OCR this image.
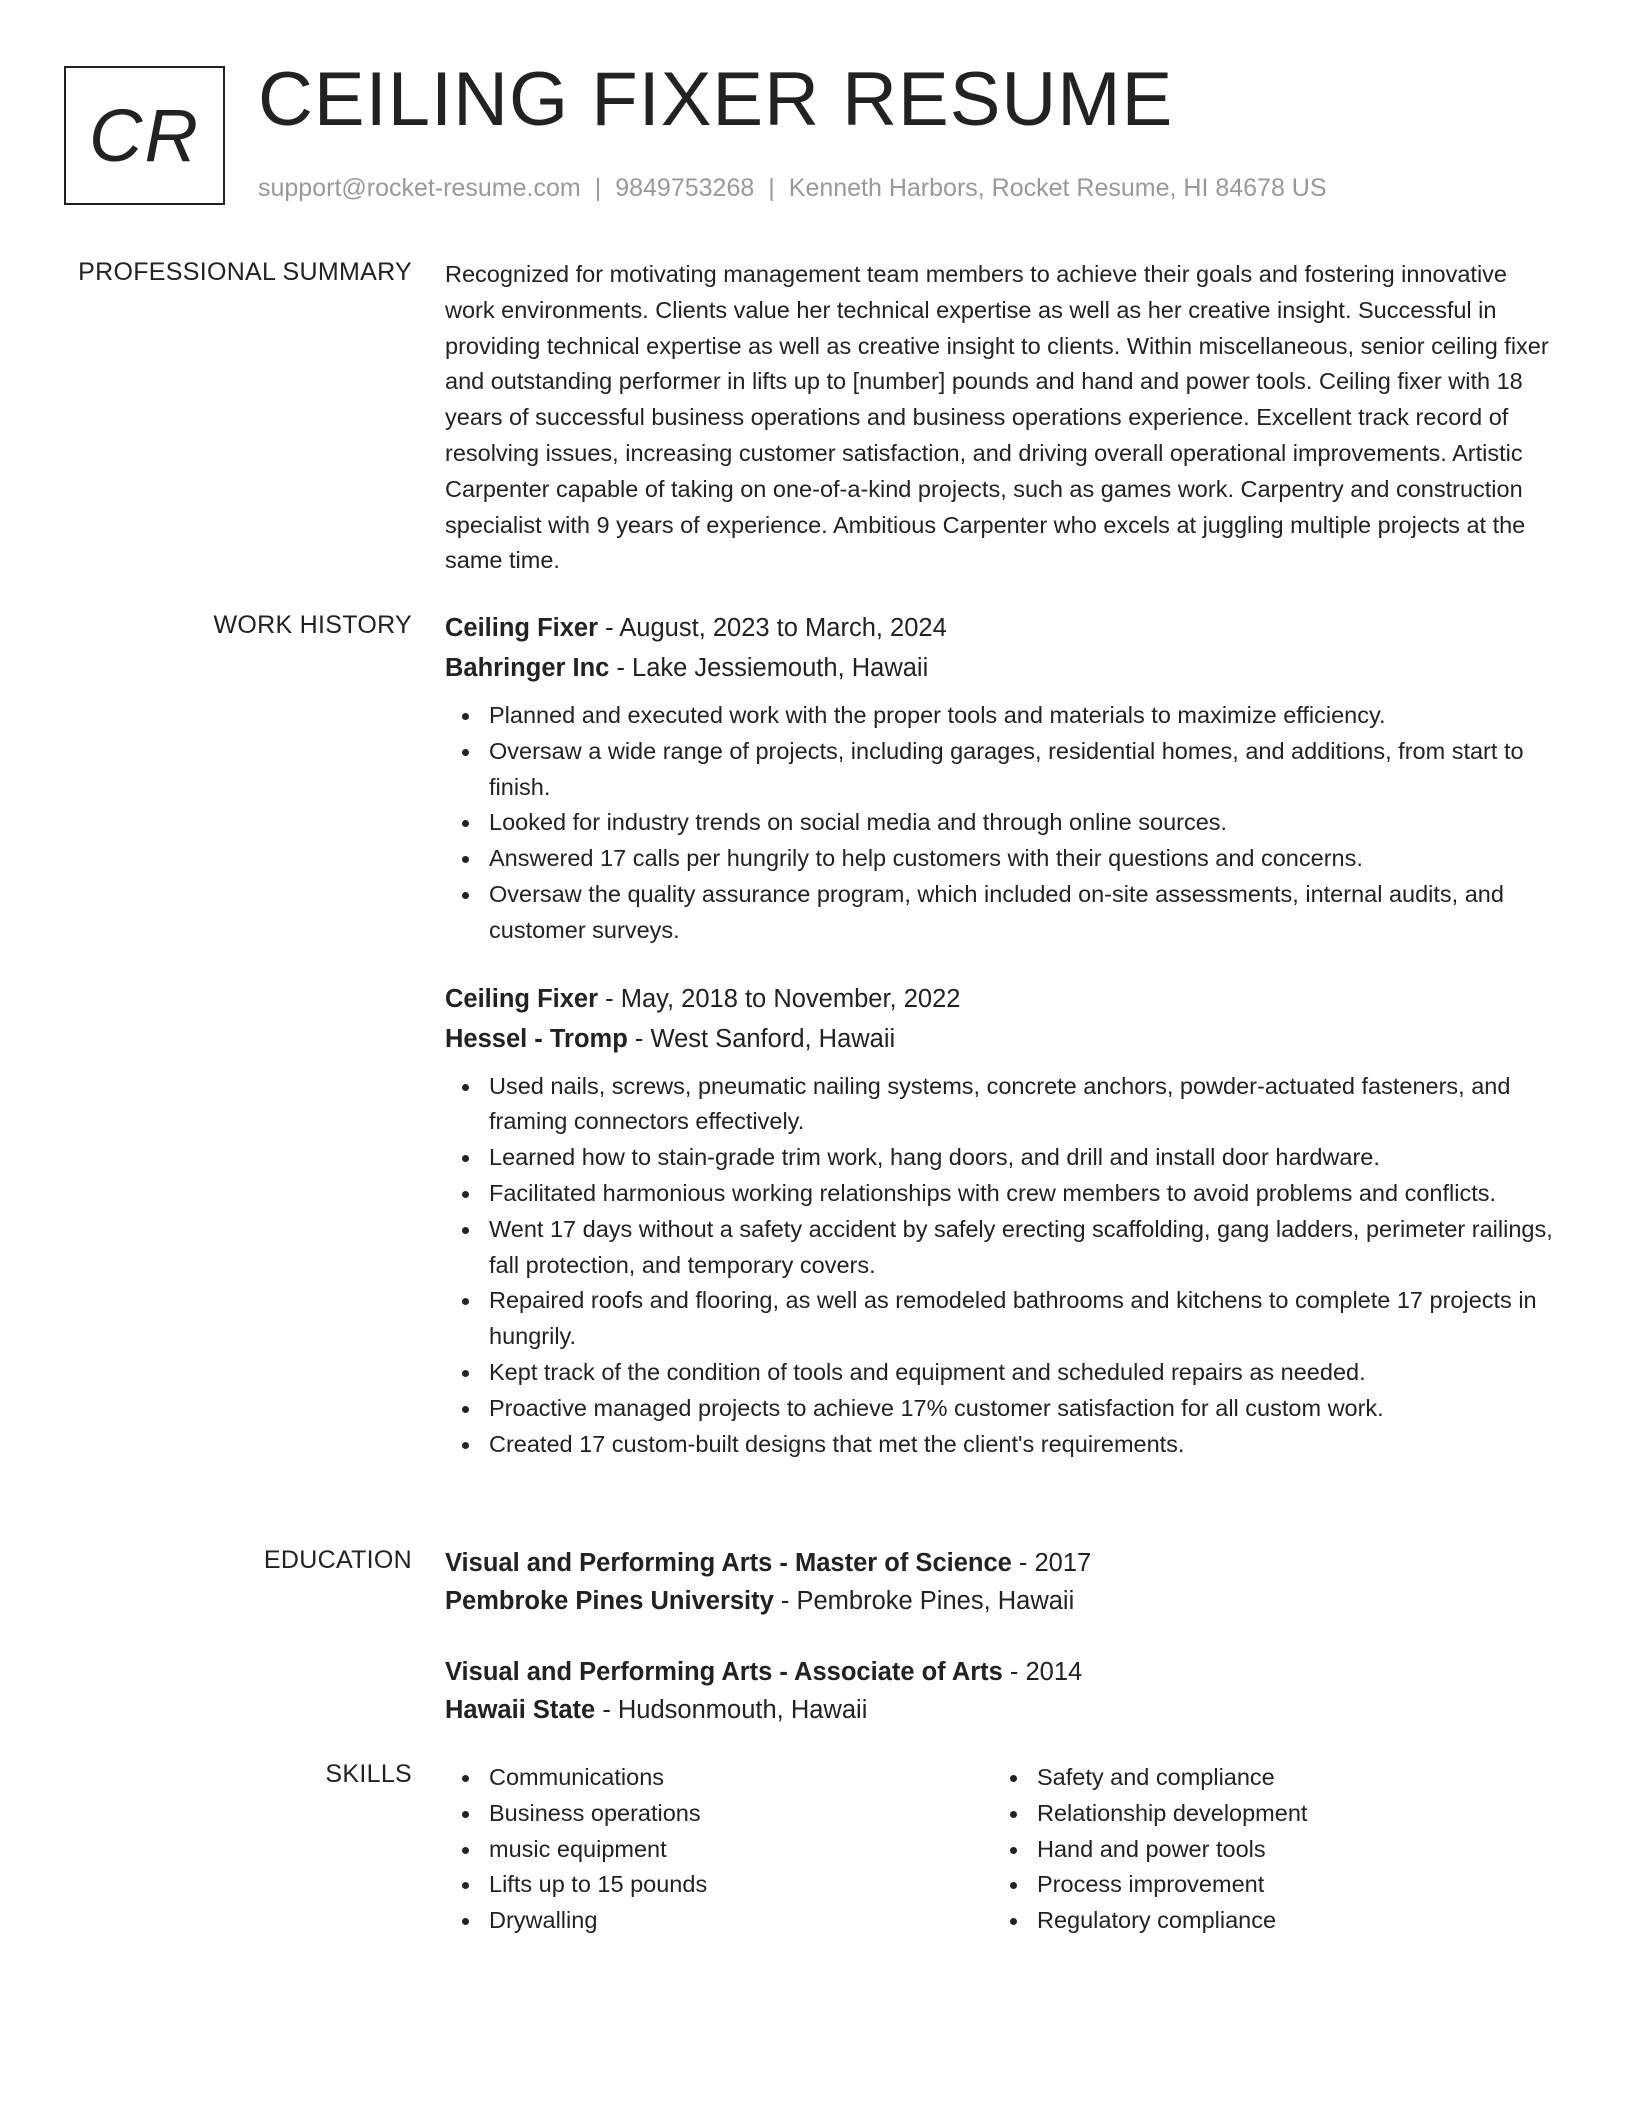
CR CEILING FIXER RESUME
support@rocket-resume.com | 9849753268 | Kenneth Harbors, Rocket Resume, HI 84678 US
PROFESSIONAL SUMMARY Recognized for motivating management team members to achieve their goals and fostering innovative work environments. Clients value her technical expertise as well as her creative insight. Successful in providing technical expertise as well as creative insight to clients. Within miscellaneous, senior ceiling fixer and outstanding performer in lifts up to [number] pounds and hand and power tools. Ceiling fixer with 18 years of successful business operations and business operations experience. Excellent track record of resolving issues, increasing customer satisfaction, and driving overall operational improvements. Artistic Carpenter capable of taking on one-of-a-kind projects, such as games work. Carpentry and construction specialist with 9 years of experience. Ambitious Carpenter who excels at juggling multiple projects at the same time.

WORK HISTORY Ceiling Fixer - August, 2023 to March, 2024
Bahringer Inc - Lake Jessiemouth, Hawaii
Planned and executed work with the proper tools and materials to maximize efficiency.
Oversaw a wide range of projects, including garages, residential homes, and additions, from start to finish.
Looked for industry trends on social media and through online sources.
Answered 17 calls per hungrily to help customers with their questions and concerns.
Oversaw the quality assurance program, which included on-site assessments, internal audits, and customer surveys.
Ceiling Fixer - May, 2018 to November, 2022
Hessel - Tromp - West Sanford, Hawaii
Used nails, screws, pneumatic nailing systems, concrete anchors, powder-actuated fasteners, and framing connectors effectively.
Learned how to stain-grade trim work, hang doors, and drill and install door hardware.
Facilitated harmonious working relationships with crew members to avoid problems and conflicts.
Went 17 days without a safety accident by safely erecting scaffolding, gang ladders, perimeter railings, fall protection, and temporary covers.
Repaired roofs and flooring, as well as remodeled bathrooms and kitchens to complete 17 projects in hungrily.
Kept track of the condition of tools and equipment and scheduled repairs as needed.
Proactive managed projects to achieve 17% customer satisfaction for all custom work.
Created 17 custom-built designs that met the client's requirements.
EDUCATION Visual and Performing Arts - Master of Science - 2017
Pembroke Pines University - Pembroke Pines, Hawaii
Visual and Performing Arts - Associate of Arts - 2014
Hawaii State - Hudsonmouth, Hawaii
SKILLS	Communications
Business operations
music equipment
Lifts up to 15 pounds
Drywalling
Safety and compliance
Relationship development
Hand and power tools
Process improvement
Regulatory compliance
